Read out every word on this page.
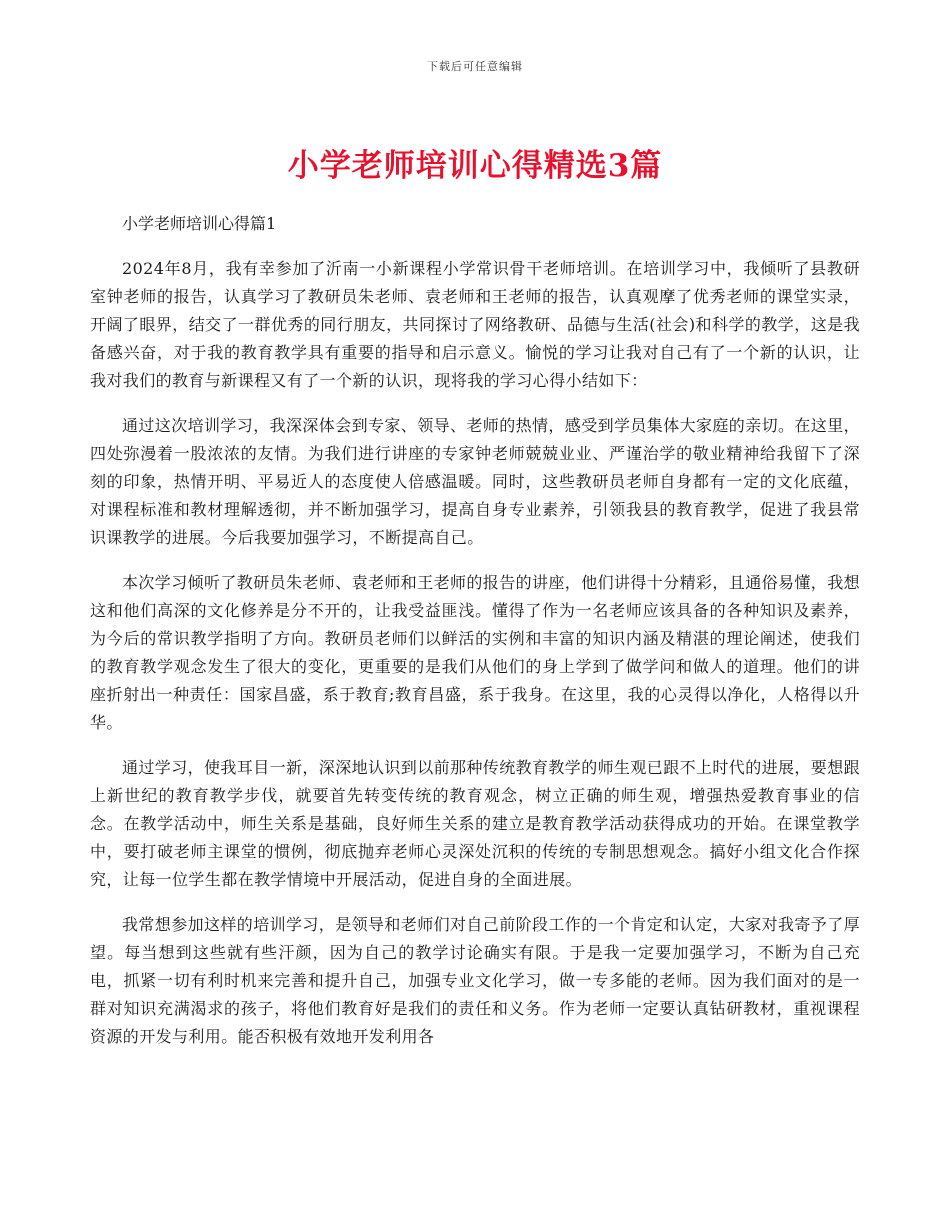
下载后可任意编辑
小学老师培训心得精选3篇

小学老师培训心得篇1

2024年8月，我有幸参加了沂南一小新课程小学常识骨干老师培训。在培训学习中，我倾听了县教研室钟老师的报告，认真学习了教研员朱老师、袁老师和王老师的报告，认真观摩了优秀老师的课堂实录，开阔了眼界，结交了一群优秀的同行朋友，共同探讨了网络教研、品德与生活(社会)和科学的教学，这是我备感兴奋，对于我的教育教学具有重要的指导和启示意义。愉悦的学习让我对自己有了一个新的认识，让我对我们的教育与新课程又有了一个新的认识，现将我的学习心得小结如下：

通过这次培训学习，我深深体会到专家、领导、老师的热情，感受到学员集体大家庭的亲切。在这里，四处弥漫着一股浓浓的友情。为我们进行讲座的专家钟老师兢兢业业、严谨治学的敬业精神给我留下了深刻的印象，热情开明、平易近人的态度使人倍感温暖。同时，这些教研员老师自身都有一定的文化底蕴，对课程标准和教材理解透彻，并不断加强学习，提高自身专业素养，引领我县的教育教学，促进了我县常识课教学的进展。今后我要加强学习，不断提高自己。

本次学习倾听了教研员朱老师、袁老师和王老师的报告的讲座，他们讲得十分精彩，且通俗易懂，我想这和他们高深的文化修养是分不开的，让我受益匪浅。懂得了作为一名老师应该具备的各种知识及素养，为今后的常识教学指明了方向。教研员老师们以鲜活的实例和丰富的知识内涵及精湛的理论阐述，使我们的教育教学观念发生了很大的变化，更重要的是我们从他们的身上学到了做学问和做人的道理。他们的讲座折射出一种责任：国家昌盛，系于教育;教育昌盛，系于我身。在这里，我的心灵得以净化，人格得以升华。

通过学习，使我耳目一新，深深地认识到以前那种传统教育教学的师生观已跟不上时代的进展，要想跟上新世纪的教育教学步伐，就要首先转变传统的教育观念，树立正确的师生观，增强热爱教育事业的信念。在教学活动中，师生关系是基础，良好师生关系的建立是教育教学活动获得成功的开始。在课堂教学中，要打破老师主课堂的惯例，彻底抛弃老师心灵深处沉积的传统的专制思想观念。搞好小组文化合作探究，让每一位学生都在教学情境中开展活动，促进自身的全面进展。

我常想参加这样的培训学习，是领导和老师们对自己前阶段工作的一个肯定和认定，大家对我寄予了厚望。每当想到这些就有些汗颜，因为自己的教学讨论确实有限。于是我一定要加强学习，不断为自己充电，抓紧一切有利时机来完善和提升自己，加强专业文化学习，做一专多能的老师。因为我们面对的是一群对知识充满渴求的孩子，将他们教育好是我们的责任和义务。作为老师一定要认真钻研教材，重视课程资源的开发与利用。能否积极有效地开发利用各
